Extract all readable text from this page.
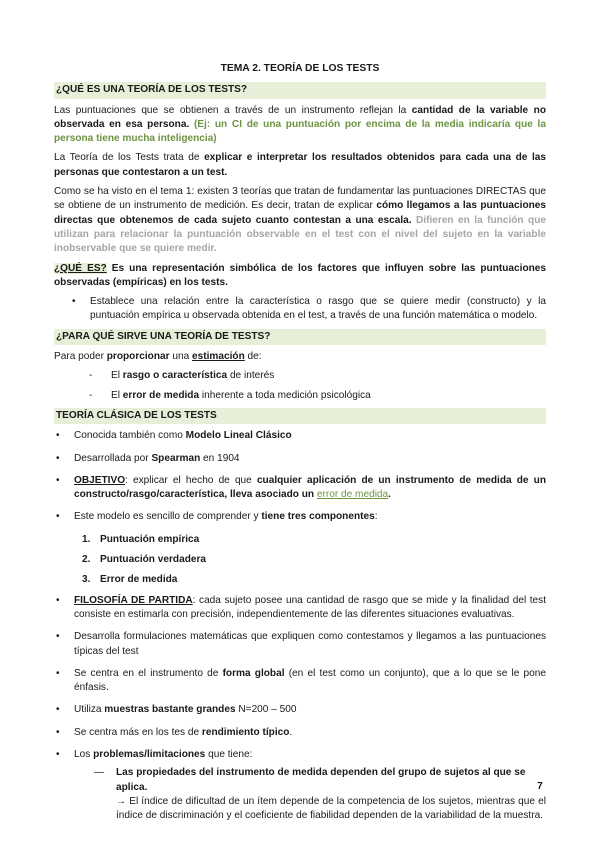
TEMA 2. TEORÍA DE LOS TESTS
¿QUÉ ES UNA TEORÍA DE LOS TESTS?

Las puntuaciones que se obtienen a través de un instrumento reflejan la cantidad de la variable no observada en esa persona. (Ej: un CI de una puntuación por encima de la media indicaría que la persona tiene mucha inteligencia)

La Teoría de los Tests trata de explicar e interpretar los resultados obtenidos para cada una de las personas que contestaron a un test.

Como se ha visto en el tema 1: existen 3 teorías que tratan de fundamentar las puntuaciones DIRECTAS que se obtiene de un instrumento de medición. Es decir, tratan de explicar cómo llegamos a las puntuaciones directas que obtenemos de cada sujeto cuanto contestan a una escala. Difieren en la función que utilizan para relacionar la puntuación observable en el test con el nivel del sujeto en la variable inobservable que se quiere medir.

¿QUÉ ES? Es una representación simbólica de los factores que influyen sobre las puntuaciones observadas (empíricas) en los tests.

•	Establece una relación entre la característica o rasgo que se quiere medir (constructo) y la puntuación empírica u observada obtenida en el test, a través de una función matemática o modelo.
¿PARA QUÉ SIRVE UNA TEORÍA DE TESTS?

Para poder proporcionar una estimación de:

-	El rasgo o característica de interés
-	El error de medida inherente a toda medición psicológica
TEORÍA CLÁSICA DE LOS TESTS
•	Conocida también como Modelo Lineal Clásico
•	Desarrollada por Spearman en 1904
•	OBJETIVO: explicar el hecho de que cualquier aplicación de un instrumento de medida de un constructo/rasgo/característica, lleva asociado un error de medida.
•	Este modelo es sencillo de comprender y tiene tres componentes:
1. Puntuación empírica
2. Puntuación verdadera
3. Error de medida
•	FILOSOFÍA DE PARTIDA: cada sujeto posee una cantidad de rasgo que se mide y la finalidad del test consiste en estimarla con precisión, independientemente de las diferentes situaciones evaluativas.
•	Desarrolla formulaciones matemáticas que expliquen como contestamos y llegamos a las puntuaciones típicas del test
•	Se centra en el instrumento de forma global (en el test como un conjunto), que a lo que se le pone énfasis.
•	Utiliza muestras bastante grandes N=200 – 500
•	Se centra más en los tes de rendimiento típico.
•	Los problemas/limitaciones que tiene:
—	Las propiedades del instrumento de medida dependen del grupo de sujetos al que se aplica.
→ El índice de dificultad de un ítem depende de la competencia de los sujetos, mientras que el índice de discriminación y el coeficiente de fiabilidad dependen de la variabilidad de la muestra.
7
